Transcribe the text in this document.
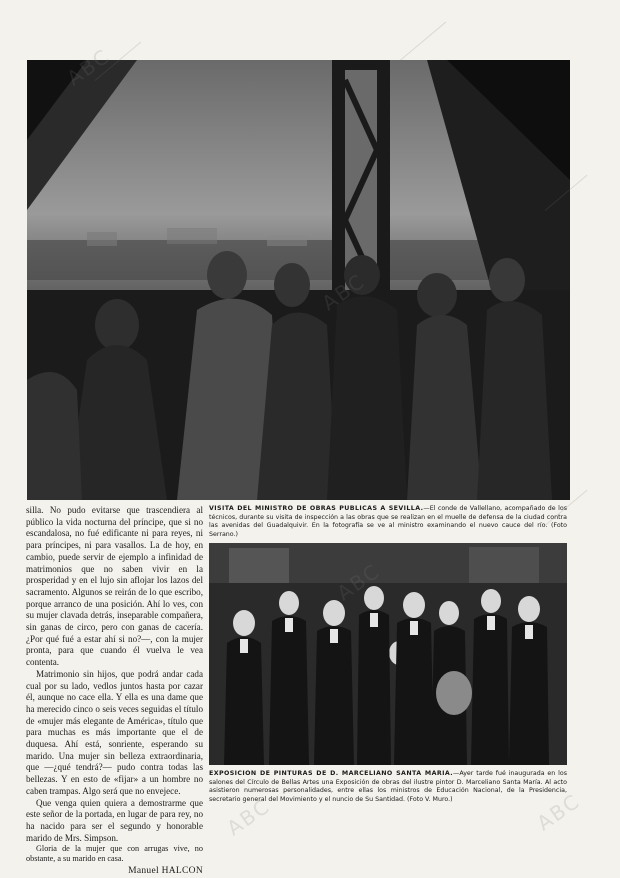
silla. No pudo evitarse que trascendiera al público la vida nocturna del príncipe, que si no escandalosa, no fué edificante ni para reyes, ni para príncipes, ni para vasallos. La de hoy, en cambio, puede servir de ejemplo a infinidad de matrimonios que no saben vivir en la prosperidad y en el lujo sin aflojar los lazos del sacramento. Algunos se reirán de lo que escribo, porque arranco de una posición. Ahí lo ves, con su mujer clavada detrás, inseparable compañera, sin ganas de circo, pero con ganas de cacería. ¿Por qué fué a estar ahí si no?—, con la mujer pronta, para que cuando él vuelva le vea contenta.

Matrimonio sin hijos, que podrá andar cada cual por su lado, vedlos juntos hasta por cazar él, aunque no cace ella. Y ella es una dame que ha merecido cinco o seis veces seguidas el título de «mujer más elegante de América», título que para muchas es más importante que el de duquesa. Ahí está, sonriente, esperando su marido. Una mujer sin belleza extraordinaria, que —¿qué tendrá?— pudo contra todas las bellezas. Y en esto de «fijar» a un hombre no caben trampas. Algo será que no envejece.

Que venga quien quiera a demostrarme que este señor de la portada, en lugar de para rey, no ha nacido para ser el segundo y honorable marido de Mrs. Simpson.

Gloria de la mujer que con arrugas vive, no obstante, a su marido en casa.

Manuel HALCON
VISITA DEL MINISTRO DE OBRAS PUBLICAS A SEVILLA.—El conde de Vallellano, acompañado de los técnicos, durante su visita de inspección a las obras que se realizan en el muelle de defensa de la ciudad contra las avenidas del Guadalquivir. En la fotografía se ve al ministro examinando el nuevo cauce del río. (Foto Serrano.)
EXPOSICION DE PINTURAS DE D. MARCELIANO SANTA MARIA.—Ayer tarde fué inaugurada en los salones del Círculo de Bellas Artes una Exposición de obras del ilustre pintor D. Marceliano Santa María. Al acto asistieron numerosas personalidades, entre ellas los ministros de Educación Nacional, de la Presidencia, secretario general del Movimiento y el nuncio de Su Santidad. (Foto V. Muro.)
ABC	ABC
